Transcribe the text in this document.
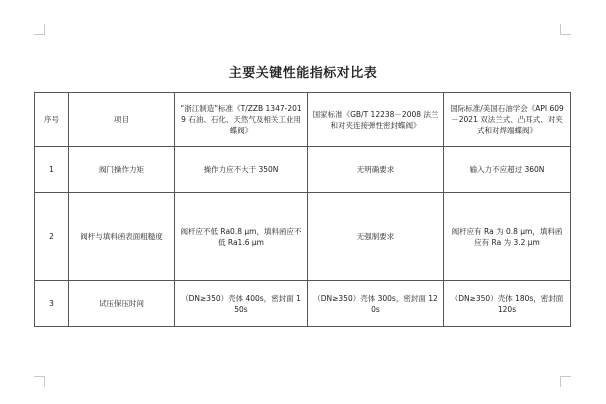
主要关键性能指标对比表
序号	项目	“浙江制造”标准《T/ZZB 1347-2019 石油、石化、天然气及相关工业用蝶阀》	国家标准《GB/T 12238－2008 法兰和对夹连接弹性密封蝶阀》	国际标准/美国石油学会《API 609－2021 双法兰式、凸耳式、对夹式和对焊端蝶阀》
1	阀门操作力矩	操作力应不大于 350N	无明确要求	输入力不应超过 360N
2	阀杆与填料函表面粗糙度	阀杆应不低 Ra0.8 μm，填料函应不低 Ra1.6 μm	无强制要求	阀杆应有 Ra 为 0.8 μm，填料函应有 Ra 为 3.2 μm
3	试压保压时间	（DN≥350）壳体 400s，密封面 150s	（DN≥350）壳体 300s，密封面 120s	（DN≥350）壳体 180s，密封面 120s
